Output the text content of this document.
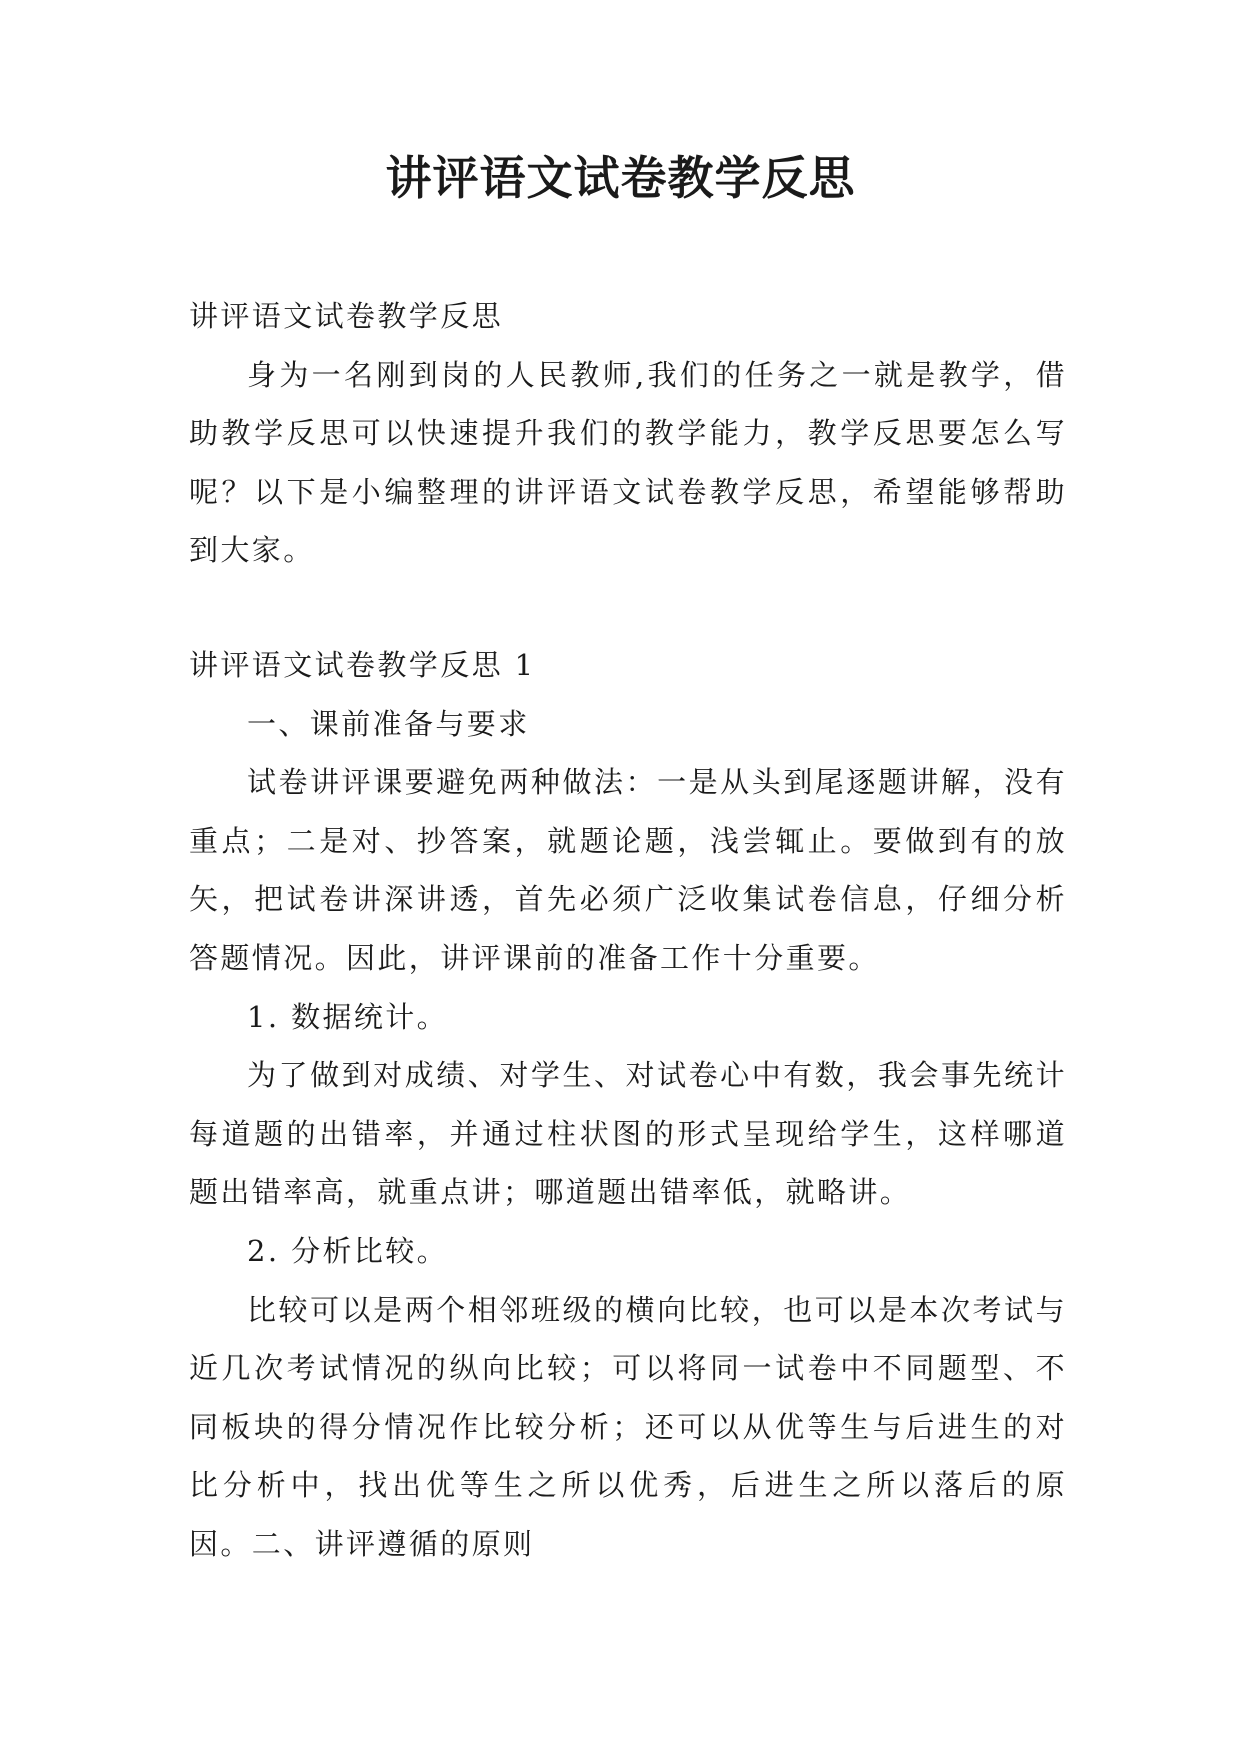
讲评语文试卷教学反思

讲评语文试卷教学反思

身为一名刚到岗的人民教师,我们的任务之一就是教学，借助教学反思可以快速提升我们的教学能力，教学反思要怎么写呢？以下是小编整理的讲评语文试卷教学反思，希望能够帮助到大家。

讲评语文试卷教学反思 1

一、课前准备与要求

试卷讲评课要避免两种做法：一是从头到尾逐题讲解，没有重点；二是对、抄答案，就题论题，浅尝辄止。要做到有的放矢，把试卷讲深讲透，首先必须广泛收集试卷信息，仔细分析答题情况。因此，讲评课前的准备工作十分重要。

1. 数据统计。

为了做到对成绩、对学生、对试卷心中有数，我会事先统计每道题的出错率，并通过柱状图的形式呈现给学生，这样哪道题出错率高，就重点讲；哪道题出错率低，就略讲。

2. 分析比较。

比较可以是两个相邻班级的横向比较，也可以是本次考试与近几次考试情况的纵向比较；可以将同一试卷中不同题型、不同板块的得分情况作比较分析；还可以从优等生与后进生的对比分析中，找出优等生之所以优秀，后进生之所以落后的原因。二、讲评遵循的原则
